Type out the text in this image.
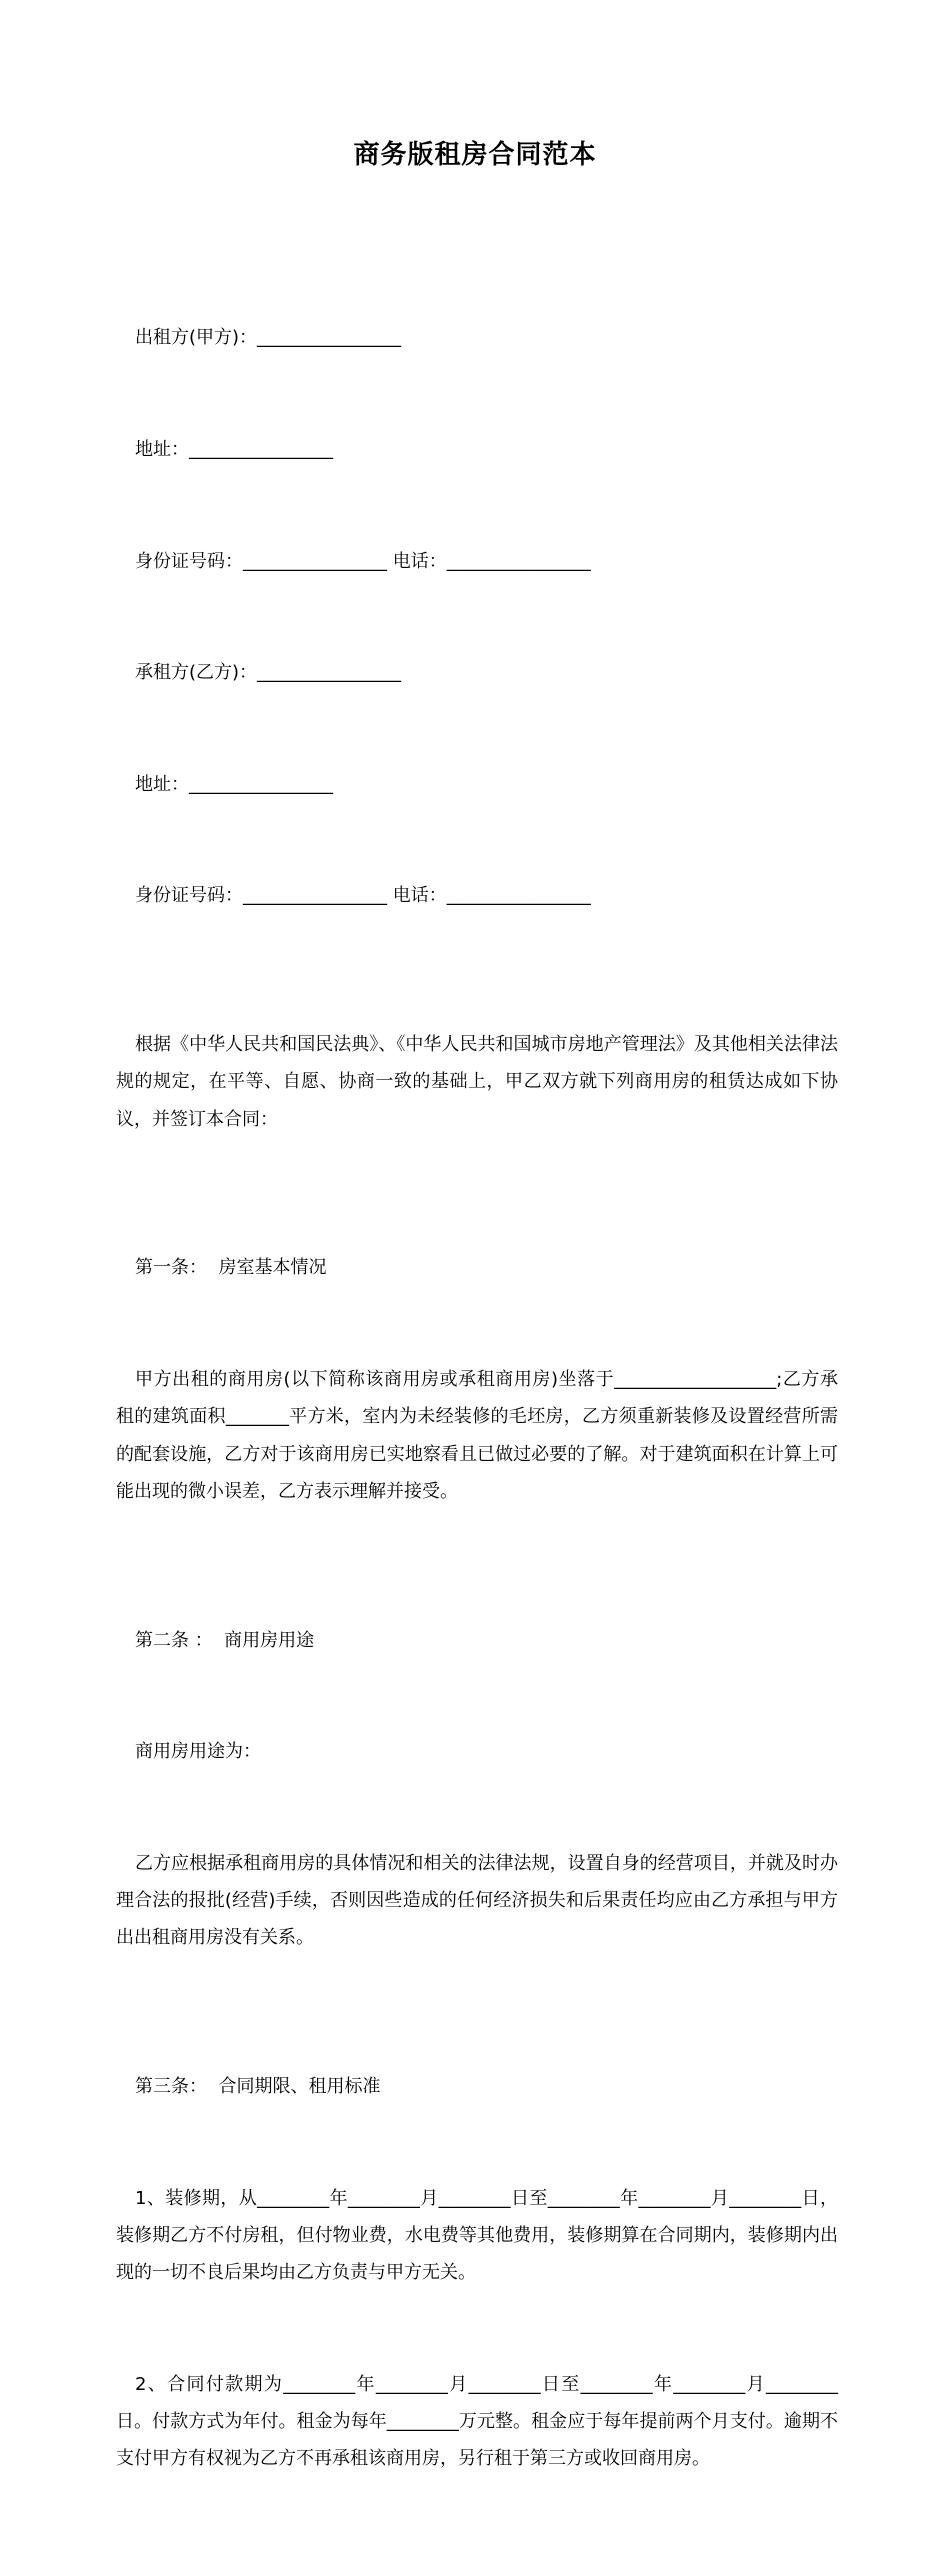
商务版租房合同范本

出租方(甲方)：________________

地址：________________

身份证号码：________________ 电话：________________

承租方(乙方)：________________

地址：________________

身份证号码：________________ 电话：________________

根据《中华人民共和国民法典》、《中华人民共和国城市房地产管理法》及其他相关法律法规的规定，在平等、自愿、协商一致的基础上，甲乙双方就下列商用房的租赁达成如下协议，并签订本合同：

第一条：  房室基本情况

甲方出租的商用房(以下简称该商用房或承租商用房)坐落于__________________;乙方承租的建筑面积_______平方米，室内为未经装修的毛坯房，乙方须重新装修及设置经营所需的配套设施，乙方对于该商用房已实地察看且已做过必要的了解。对于建筑面积在计算上可能出现的微小误差，乙方表示理解并接受。

第二条 ：  商用房用途

商用房用途为：

乙方应根据承租商用房的具体情况和相关的法律法规，设置自身的经营项目，并就及时办理合法的报批(经营)手续，否则因些造成的任何经济损失和后果责任均应由乙方承担与甲方出出租商用房没有关系。

第三条：  合同期限、租用标准

1、装修期，从________年________月________日至________年________月________日，装修期乙方不付房租，但付物业费，水电费等其他费用，装修期算在合同期内，装修期内出现的一切不良后果均由乙方负责与甲方无关。

2、合同付款期为________年________月________日至________年________月________日。付款方式为年付。租金为每年________万元整。租金应于每年提前两个月支付。逾期不支付甲方有权视为乙方不再承租该商用房，另行租于第三方或收回商用房。
